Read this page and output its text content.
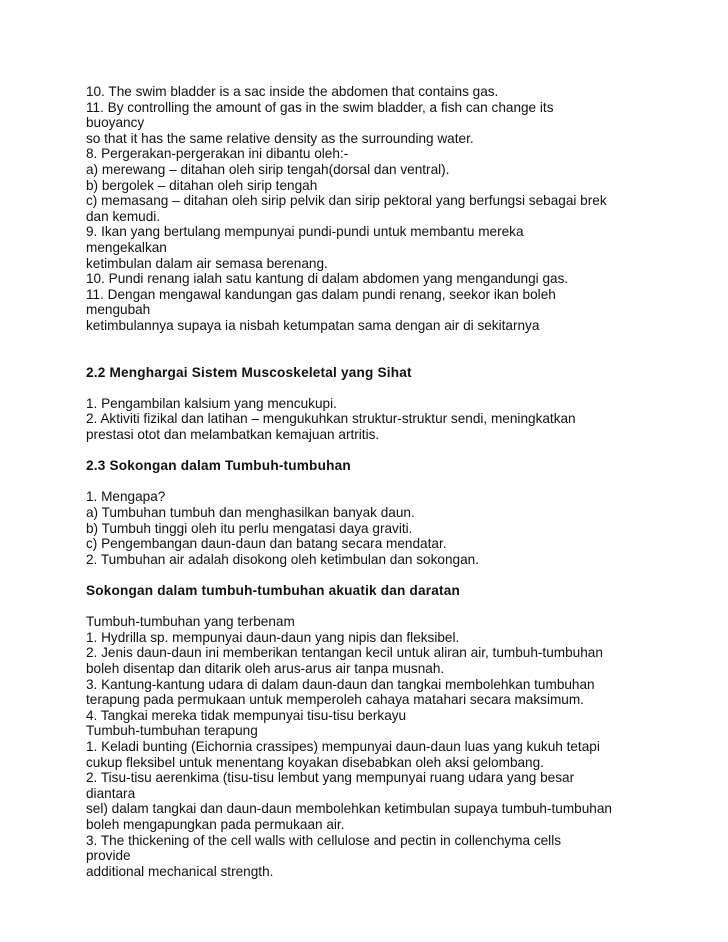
10. The swim bladder is a sac inside the abdomen that contains gas.
11. By controlling the amount of gas in the swim bladder, a fish can change its
buoyancy
so that it has the same relative density as the surrounding water.
8. Pergerakan-pergerakan ini dibantu oleh:-
a) merewang – ditahan oleh sirip tengah(dorsal dan ventral).
b) bergolek – ditahan oleh sirip tengah
c) memasang – ditahan oleh sirip pelvik dan sirip pektoral yang berfungsi sebagai brek
dan kemudi.
9. Ikan yang bertulang mempunyai pundi-pundi untuk membantu mereka
mengekalkan
ketimbulan dalam air semasa berenang.
10. Pundi renang ialah satu kantung di dalam abdomen yang mengandungi gas.
11. Dengan mengawal kandungan gas dalam pundi renang, seekor ikan boleh
mengubah
ketimbulannya supaya ia nisbah ketumpatan sama dengan air di sekitarnya
2.2 Menghargai Sistem Muscoskeletal yang Sihat
1. Pengambilan kalsium yang mencukupi.
2. Aktiviti fizikal dan latihan – mengukuhkan struktur-struktur sendi, meningkatkan
prestasi otot dan melambatkan kemajuan artritis.
2.3 Sokongan dalam Tumbuh-tumbuhan
1. Mengapa?
a) Tumbuhan tumbuh dan menghasilkan banyak daun.
b) Tumbuh tinggi oleh itu perlu mengatasi daya graviti.
c) Pengembangan daun-daun dan batang secara mendatar.
2. Tumbuhan air adalah disokong oleh ketimbulan dan sokongan.
Sokongan dalam tumbuh-tumbuhan akuatik dan daratan
Tumbuh-tumbuhan yang terbenam
1. Hydrilla sp. mempunyai daun-daun yang nipis dan fleksibel.
2. Jenis daun-daun ini memberikan tentangan kecil untuk aliran air, tumbuh-tumbuhan
boleh disentap dan ditarik oleh arus-arus air tanpa musnah.
3. Kantung-kantung udara di dalam daun-daun dan tangkai membolehkan tumbuhan
terapung pada permukaan untuk memperoleh cahaya matahari secara maksimum.
4. Tangkai mereka tidak mempunyai tisu-tisu berkayu
Tumbuh-tumbuhan terapung
1. Keladi bunting (Eichornia crassipes) mempunyai daun-daun luas yang kukuh tetapi
cukup fleksibel untuk menentang koyakan disebabkan oleh aksi gelombang.
2. Tisu-tisu aerenkima (tisu-tisu lembut yang mempunyai ruang udara yang besar
diantara
sel) dalam tangkai dan daun-daun membolehkan ketimbulan supaya tumbuh-tumbuhan
boleh mengapungkan pada permukaan air.
3. The thickening of the cell walls with cellulose and pectin in collenchyma cells
provide
additional mechanical strength.
